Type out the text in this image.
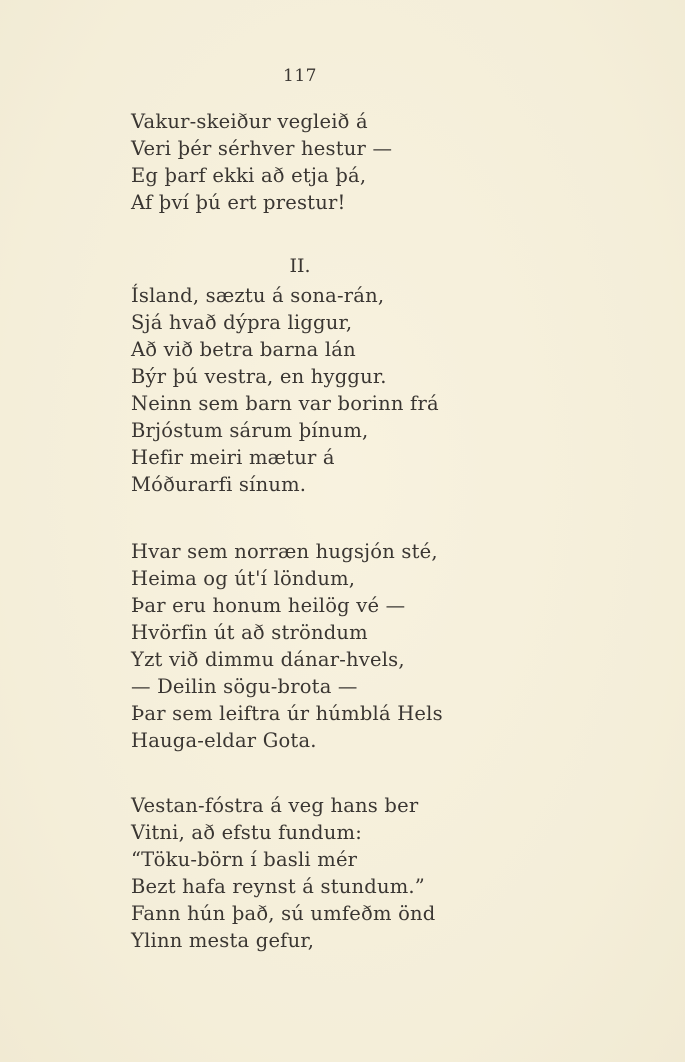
117
Vakur-skeiður vegleið á
Veri þér sérhver hestur —
Eg þarf ekki að etja þá,
Af því þú ert prestur!
II.
Ísland, sæztu á sona-rán,
Sjá hvað dýpra liggur,
Að við betra barna lán
Býr þú vestra, en hyggur.
Neinn sem barn var borinn frá
Brjóstum sárum þínum,
Hefir meiri mætur á
Móðurarfi sínum.
Hvar sem norræn hugsjón sté,
Heima og út'í löndum,
Þar eru honum heilög vé —
Hvörfin út að ströndum
Yzt við dimmu dánar-hvels,
— Deilin sögu-brota —
Þar sem leiftra úr húmblá Hels
Hauga-eldar Gota.
Vestan-fóstra á veg hans ber
Vitni, að efstu fundum:
“Töku-börn í basli mér
Bezt hafa reynst á stundum.”
Fann hún það, sú umfeðm önd
Ylinn mesta gefur,
